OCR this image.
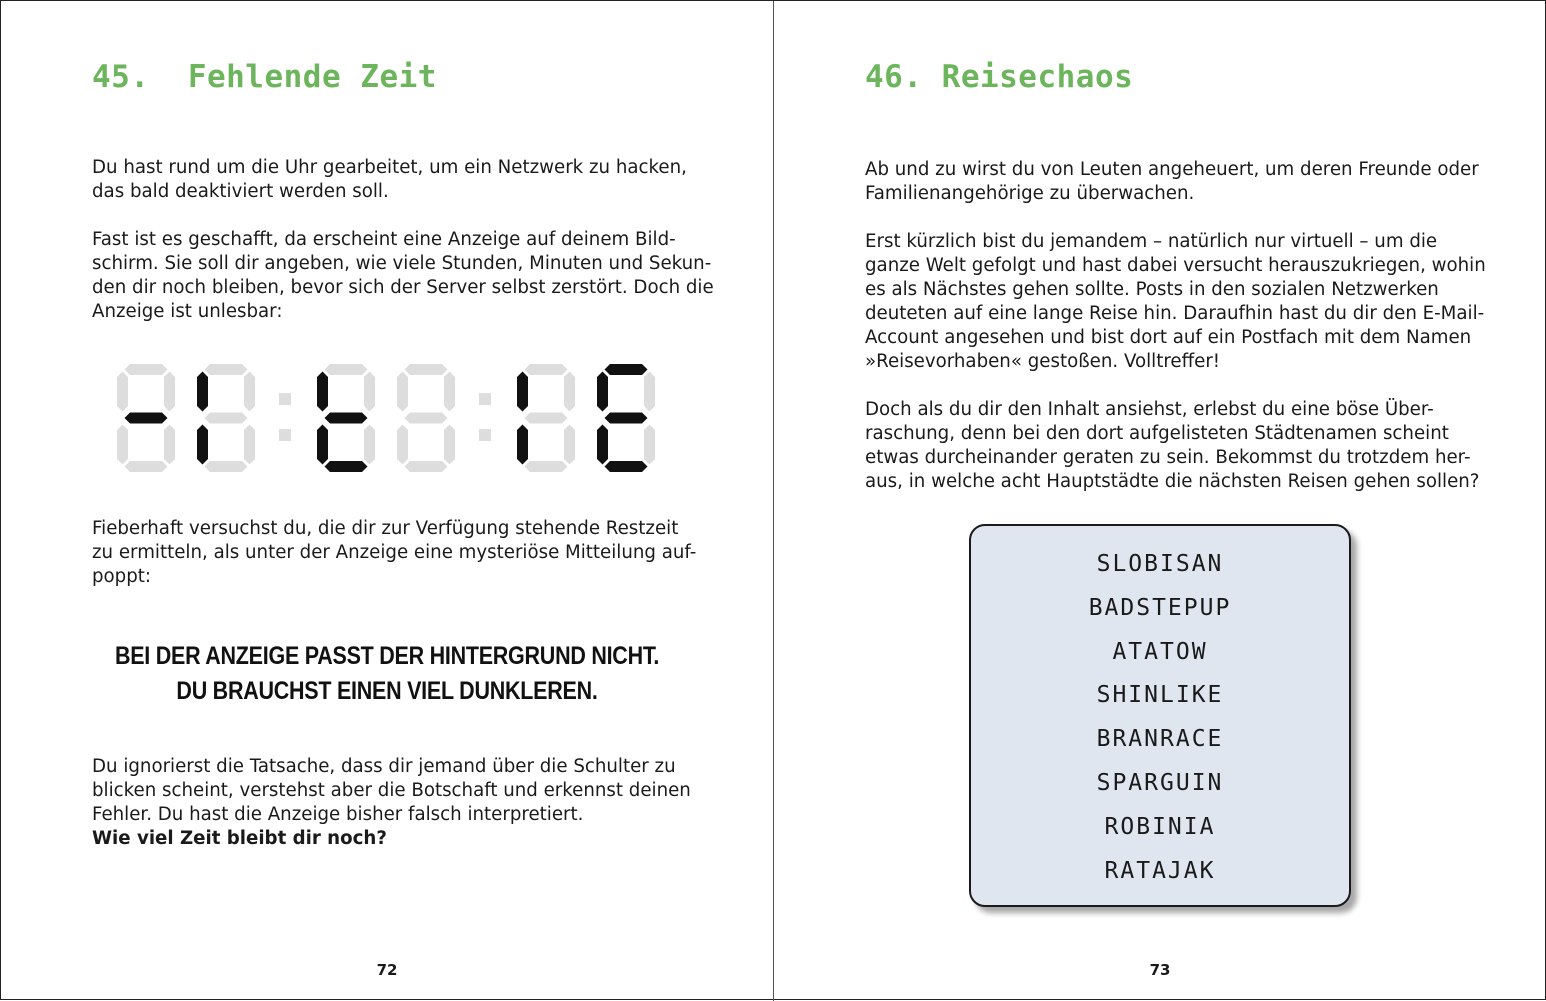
45.  Fehlende Zeit

Du hast rund um die Uhr gearbeitet, um ein Netzwerk zu hacken,
das bald deaktiviert werden soll.

Fast ist es geschafft, da erscheint eine Anzeige auf deinem Bild-
schirm. Sie soll dir angeben, wie viele Stunden, Minuten und Sekun-
den dir noch bleiben, bevor sich der Server selbst zerstört. Doch die
Anzeige ist unlesbar:

Fieberhaft versuchst du, die dir zur Verfügung stehende Restzeit
zu ermitteln, als unter der Anzeige eine mysteriöse Mitteilung auf-
poppt:

BEI DER ANZEIGE PASST DER HINTERGRUND NICHT.

DU BRAUCHST EINEN VIEL DUNKLEREN.

Du ignorierst die Tatsache, dass dir jemand über die Schulter zu
blicken scheint, verstehst aber die Botschaft und erkennst deinen
Fehler. Du hast die Anzeige bisher falsch interpretiert.

Wie viel Zeit bleibt dir noch?

72

46. Reisechaos

Ab und zu wirst du von Leuten angeheuert, um deren Freunde oder
Familienangehörige zu überwachen.

Erst kürzlich bist du jemandem – natürlich nur virtuell – um die
ganze Welt gefolgt und hast dabei versucht herauszukriegen, wohin
es als Nächstes gehen sollte. Posts in den sozialen Netzwerken
deuteten auf eine lange Reise hin. Daraufhin hast du dir den E-Mail-
Account angesehen und bist dort auf ein Postfach mit dem Namen
»Reisevorhaben« gestoßen. Volltreffer!

Doch als du dir den Inhalt ansiehst, erlebst du eine böse Über-
raschung, denn bei den dort aufgelisteten Städtenamen scheint
etwas durcheinander geraten zu sein. Bekommst du trotzdem her-
aus, in welche acht Hauptstädte die nächsten Reisen gehen sollen?

SLOBISAN
BADSTEPUP
ATATOW
SHINLIKE
BRANRACE
SPARGUIN
ROBINIA
RATAJAK

73
